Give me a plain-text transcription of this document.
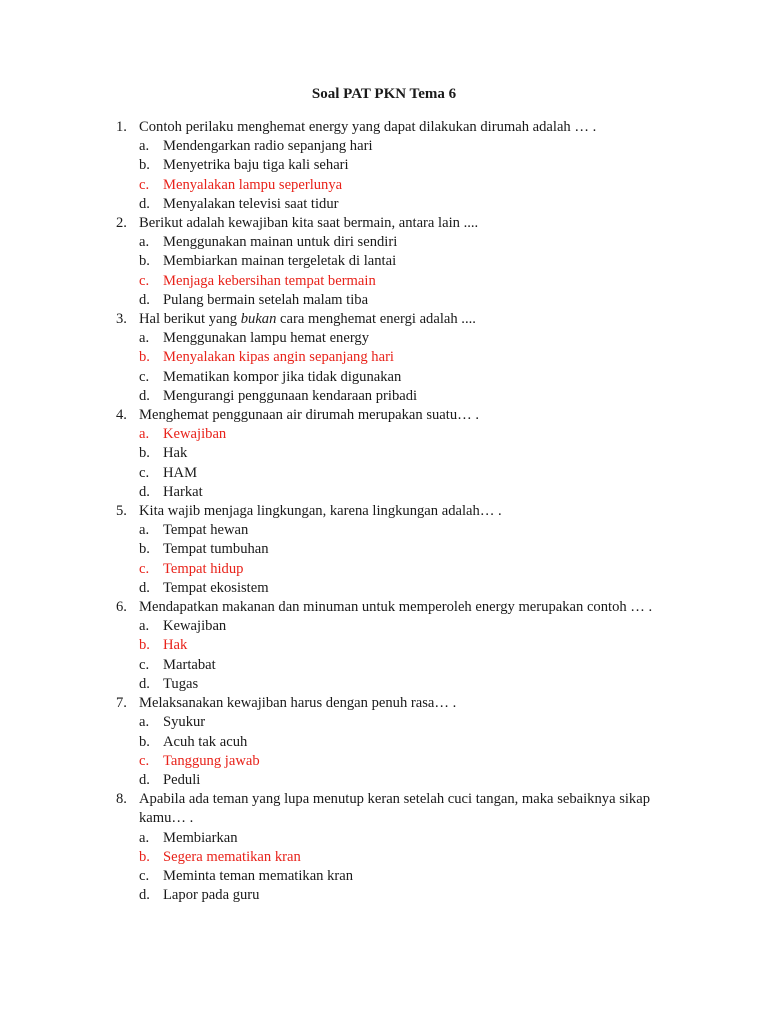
Soal PAT PKN Tema 6
1. Contoh perilaku menghemat energy yang dapat dilakukan dirumah adalah … .
a. Mendengarkan radio sepanjang hari
b. Menyetrika baju tiga kali sehari
c. Menyalakan lampu seperlunya
d. Menyalakan televisi saat tidur
2. Berikut adalah kewajiban kita saat bermain, antara lain ....
a. Menggunakan mainan untuk diri sendiri
b. Membiarkan mainan tergeletak di lantai
c. Menjaga kebersihan tempat bermain
d. Pulang bermain setelah malam tiba
3. Hal berikut yang bukan cara menghemat energi adalah ....
a. Menggunakan lampu hemat energy
b. Menyalakan kipas angin sepanjang hari
c. Mematikan kompor jika tidak digunakan
d. Mengurangi penggunaan kendaraan pribadi
4. Menghemat penggunaan air dirumah merupakan suatu… .
a. Kewajiban
b. Hak
c. HAM
d. Harkat
5. Kita wajib menjaga lingkungan, karena lingkungan adalah… .
a. Tempat hewan
b. Tempat tumbuhan
c. Tempat hidup
d. Tempat ekosistem
6. Mendapatkan makanan dan minuman untuk memperoleh energy merupakan contoh … .
a. Kewajiban
b. Hak
c. Martabat
d. Tugas
7. Melaksanakan kewajiban harus dengan penuh rasa… .
a. Syukur
b. Acuh tak acuh
c. Tanggung jawab
d. Peduli
8. Apabila ada teman yang lupa menutup keran setelah cuci tangan, maka sebaiknya sikap kamu… .
a. Membiarkan
b. Segera mematikan kran
c. Meminta teman mematikan kran
d. Lapor pada guru
